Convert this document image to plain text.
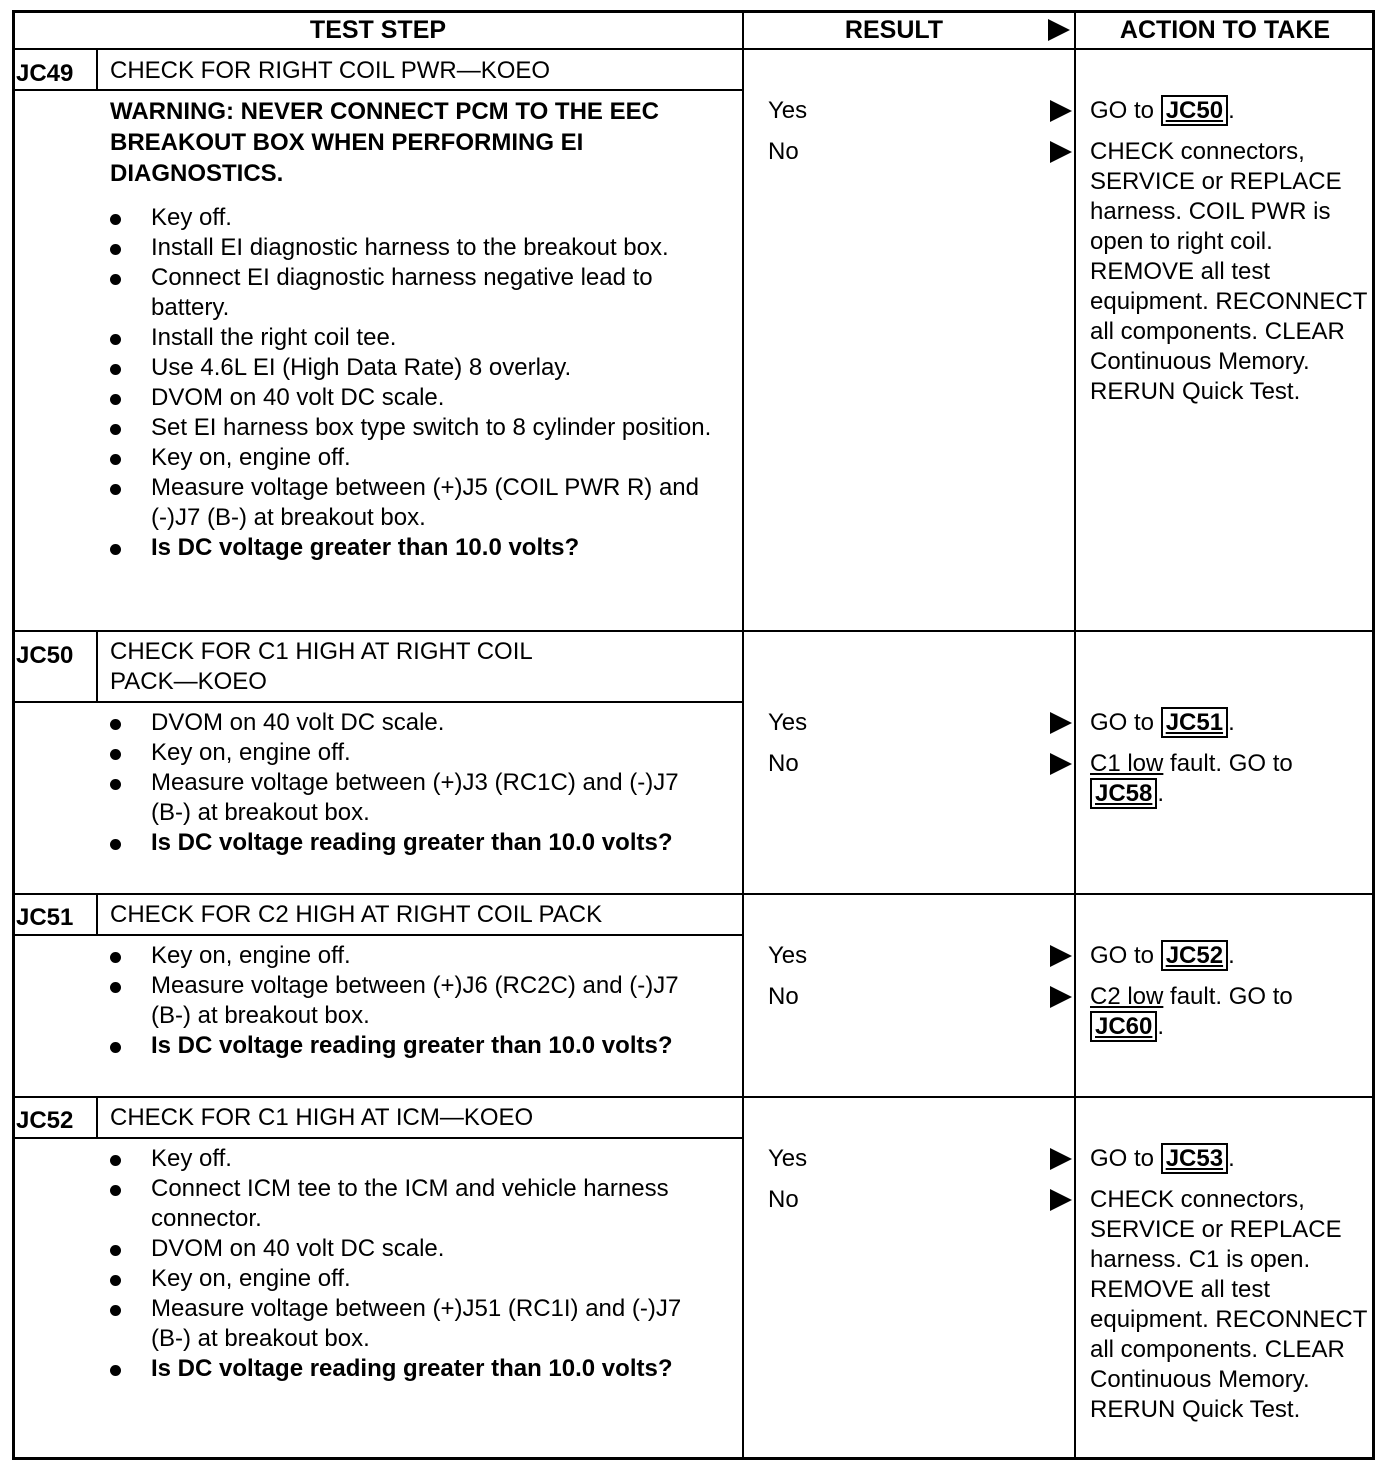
TEST STEP	RESULT	ACTION TO TAKE
JC49 CHECK FOR RIGHT COIL PWR—KOEO
WARNING: NEVER CONNECT PCM TO THE EEC BREAKOUT BOX WHEN PERFORMING EI DIAGNOSTICS.
Key off.
Install EI diagnostic harness to the breakout box.
Connect EI diagnostic harness negative lead to battery.
Install the right coil tee.
Use 4.6L EI (High Data Rate) 8 overlay.
DVOM on 40 volt DC scale.
Set EI harness box type switch to 8 cylinder position.
Key on, engine off.
Measure voltage between (+)J5 (COIL PWR R) and (-)J7 (B-) at breakout box.
Is DC voltage greater than 10.0 volts?
Yes
No

GO to JC50 .

CHECK connectors, SERVICE or REPLACE harness. COIL PWR is open to right coil. REMOVE all test equipment. RECONNECT all components. CLEAR Continuous Memory. RERUN Quick Test.

JC50 CHECK FOR C1 HIGH AT RIGHT COIL PACK—KOEO
DVOM on 40 volt DC scale.
Key on, engine off.
Measure voltage between (+)J3 (RC1C) and (-)J7 (B-) at breakout box.
Is DC voltage reading greater than 10.0 volts?
Yes
No

GO to JC51 .

C1 low fault. GO to JC58 .

JC51 CHECK FOR C2 HIGH AT RIGHT COIL PACK
Key on, engine off.
Measure voltage between (+)J6 (RC2C) and (-)J7 (B-) at breakout box.
Is DC voltage reading greater than 10.0 volts?
Yes
No

GO to JC52 .

C2 low fault. GO to JC60 .

JC52 CHECK FOR C1 HIGH AT ICM—KOEO
Key off.
Connect ICM tee to the ICM and vehicle harness connector.
DVOM on 40 volt DC scale.
Key on, engine off.
Measure voltage between (+)J51 (RC1I) and (-)J7 (B-) at breakout box.
Is DC voltage reading greater than 10.0 volts?
Yes
No

GO to JC53 .

CHECK connectors, SERVICE or REPLACE harness. C1 is open. REMOVE all test equipment. RECONNECT all components. CLEAR Continuous Memory. RERUN Quick Test.
